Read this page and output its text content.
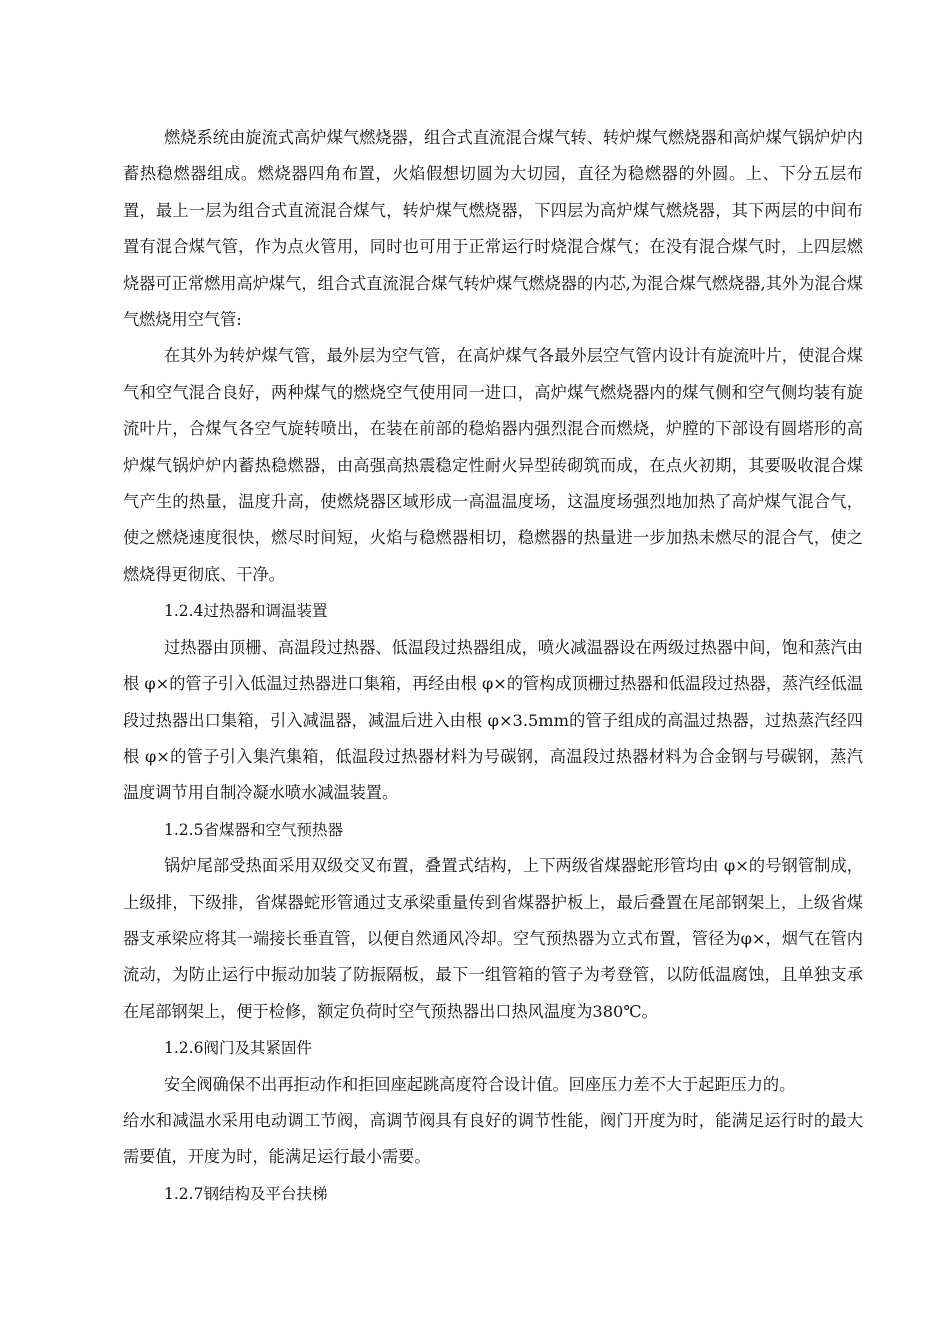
燃烧系统由旋流式高炉煤气燃烧器，组合式直流混合煤气转、转炉煤气燃烧器和高炉煤气锅炉炉内蓄热稳燃器组成。燃烧器四角布置，火焰假想切圆为大切园，直径为稳燃器的外圆。上、下分五层布置，最上一层为组合式直流混合煤气，转炉煤气燃烧器，下四层为高炉煤气燃烧器，其下两层的中间布置有混合煤气管，作为点火管用，同时也可用于正常运行时烧混合煤气；在没有混合煤气时，上四层燃烧器可正常燃用高炉煤气，组合式直流混合煤气转炉煤气燃烧器的内芯,为混合煤气燃烧器,其外为混合煤气燃烧用空气管:

在其外为转炉煤气管，最外层为空气管，在高炉煤气各最外层空气管内设计有旋流叶片，使混合煤气和空气混合良好，两种煤气的燃烧空气使用同一进口，高炉煤气燃烧器内的煤气侧和空气侧均装有旋流叶片，合煤气各空气旋转喷出，在装在前部的稳焰器内强烈混合而燃烧，炉膛的下部设有圆塔形的高炉煤气锅炉炉内蓄热稳燃器，由高强高热震稳定性耐火异型砖砌筑而成，在点火初期，其要吸收混合煤气产生的热量，温度升高，使燃烧器区域形成一高温温度场，这温度场强烈地加热了高炉煤气混合气，使之燃烧速度很快，燃尽时间短，火焰与稳燃器相切，稳燃器的热量进一步加热未燃尽的混合气，使之燃烧得更彻底、干净。

1.2.4过热器和调温装置

过热器由顶栅、高温段过热器、低温段过热器组成，喷火减温器设在两级过热器中间，饱和蒸汽由根 φ×的管子引入低温过热器进口集箱，再经由根 φ×的管构成顶栅过热器和低温段过热器，蒸汽经低温段过热器出口集箱，引入减温器，减温后进入由根 φ×3.5mm的管子组成的高温过热器，过热蒸汽经四根 φ×的管子引入集汽集箱，低温段过热器材料为号碳钢，高温段过热器材料为合金钢与号碳钢，蒸汽温度调节用自制冷凝水喷水减温装置。

1.2.5省煤器和空气预热器

锅炉尾部受热面采用双级交叉布置，叠置式结构，上下两级省煤器蛇形管均由 φ×的号钢管制成，上级排，下级排，省煤器蛇形管通过支承梁重量传到省煤器护板上，最后叠置在尾部钢架上，上级省煤器支承梁应将其一端接长垂直管，以便自然通风冷却。空气预热器为立式布置，管径为φ×，烟气在管内流动，为防止运行中振动加装了防振隔板，最下一组管箱的管子为考登管，以防低温腐蚀，且单独支承在尾部钢架上，便于检修，额定负荷时空气预热器出口热风温度为380℃。

1.2.6阀门及其紧固件

安全阀确保不出再拒动作和拒回座起跳高度符合设计值。回座压力差不大于起距压力的。

给水和减温水采用电动调工节阀，高调节阀具有良好的调节性能，阀门开度为时，能满足运行时的最大需要值，开度为时，能满足运行最小需要。

1.2.7钢结构及平台扶梯
